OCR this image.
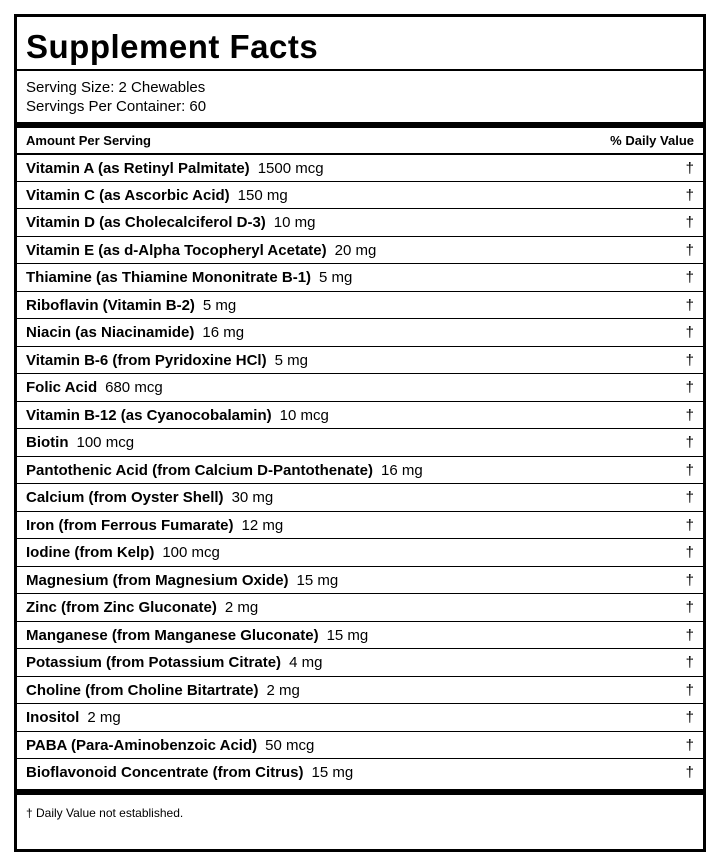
Supplement Facts
Serving Size: 2 Chewables
Servings Per Container: 60
Amount Per Serving	% Daily Value
Vitamin A (as Retinyl Palmitate) 1500 mcg	†
Vitamin C (as Ascorbic Acid) 150 mg	†
Vitamin D (as Cholecalciferol D-3) 10 mg	†
Vitamin E (as d-Alpha Tocopheryl Acetate) 20 mg	†
Thiamine (as Thiamine Mononitrate B-1) 5 mg	†
Riboflavin (Vitamin B-2) 5 mg	†
Niacin (as Niacinamide) 16 mg	†
Vitamin B-6 (from Pyridoxine HCl) 5 mg	†
Folic Acid 680 mcg	†
Vitamin B-12 (as Cyanocobalamin) 10 mcg	†
Biotin 100 mcg	†
Pantothenic Acid (from Calcium D-Pantothenate) 16 mg	†
Calcium (from Oyster Shell) 30 mg	†
Iron (from Ferrous Fumarate) 12 mg	†
Iodine (from Kelp) 100 mcg	†
Magnesium (from Magnesium Oxide) 15 mg	†
Zinc (from Zinc Gluconate) 2 mg	†
Manganese (from Manganese Gluconate) 15 mg	†
Potassium (from Potassium Citrate) 4 mg	†
Choline (from Choline Bitartrate) 2 mg	†
Inositol 2 mg	†
PABA (Para-Aminobenzoic Acid) 50 mcg	†
Bioflavonoid Concentrate (from Citrus) 15 mg	†
† Daily Value not established.
